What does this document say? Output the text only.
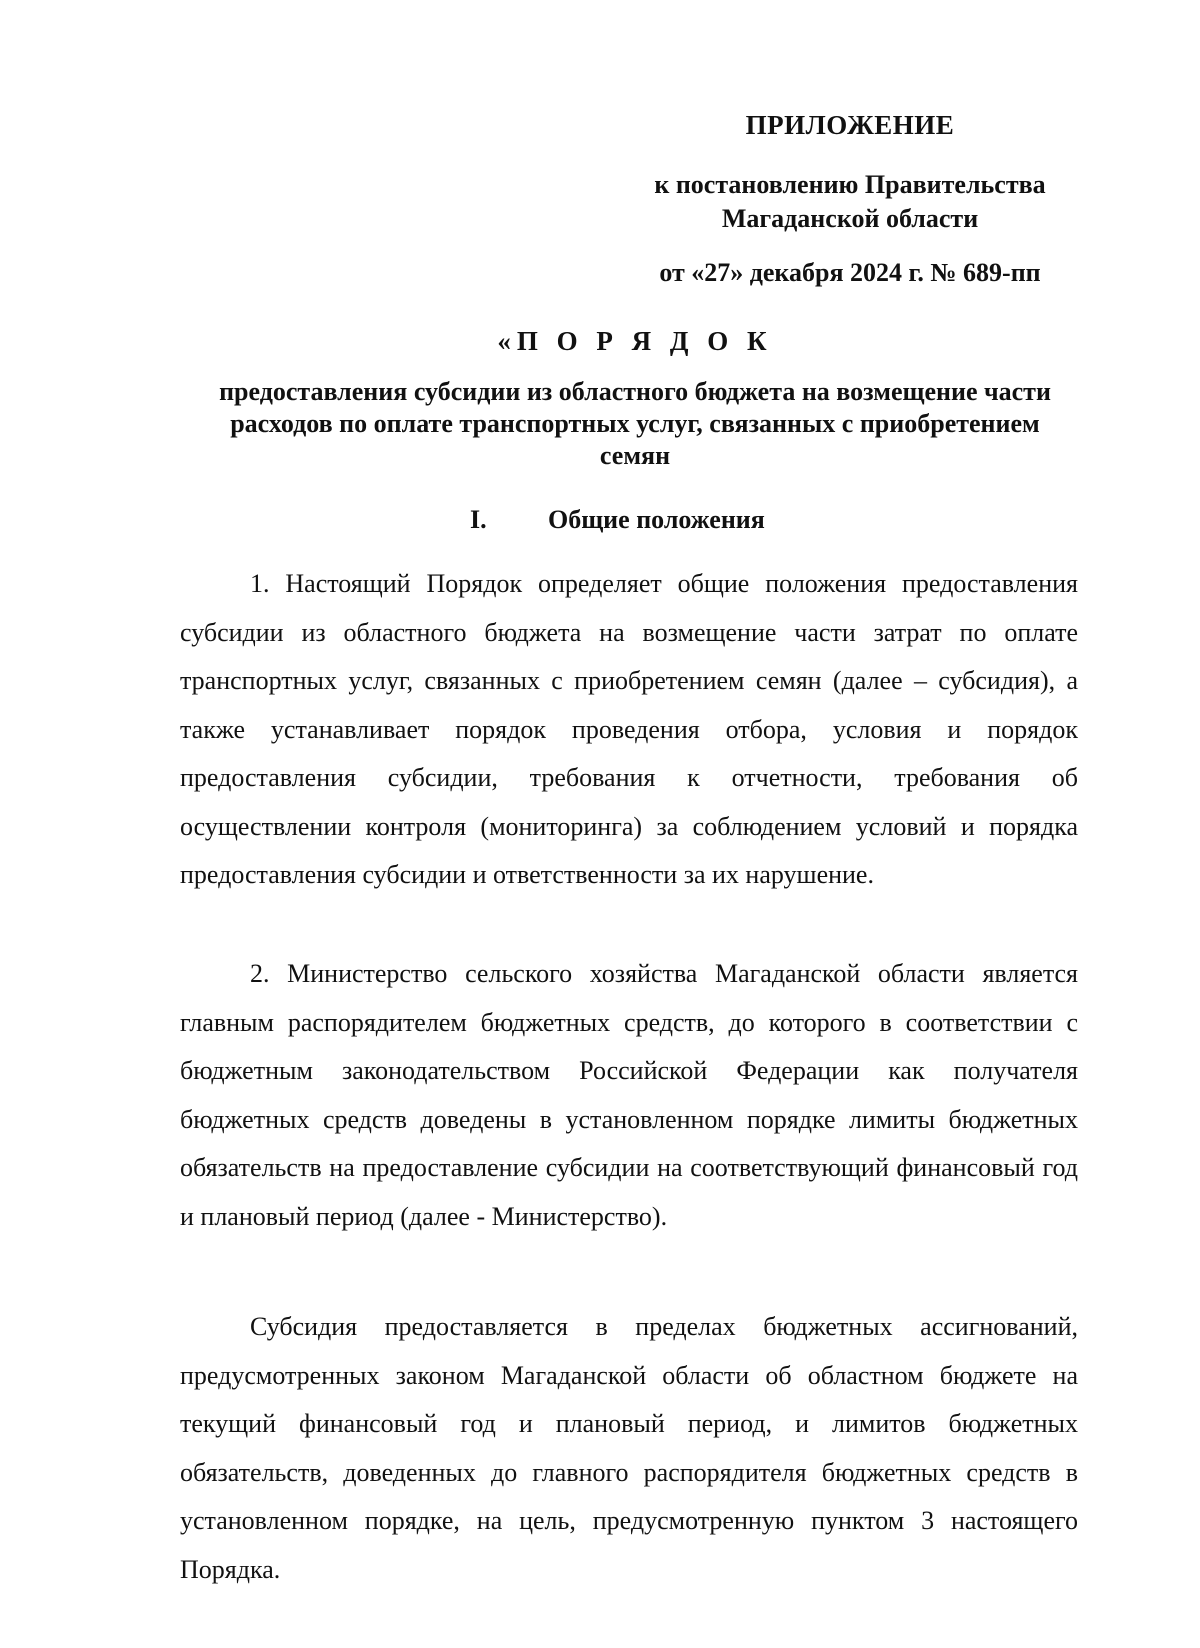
ПРИЛОЖЕНИЕ
к постановлению Правительства
Магаданской области
от «27» декабря 2024 г. № 689-пп
«П О Р Я Д О К
предоставления субсидии из областного бюджета на возмещение части расходов по оплате транспортных услуг, связанных с приобретением семян
I. Общие положения

1. Настоящий Порядок определяет общие положения предоставления субсидии из областного бюджета на возмещение части затрат по оплате транспортных услуг, связанных с приобретением семян (далее – субсидия), а также устанавливает порядок проведения отбора, условия и порядок предоставления субсидии, требования к отчетности, требования об осуществлении контроля (мониторинга) за соблюдением условий и порядка предоставления субсидии и ответственности за их нарушение.

2. Министерство сельского хозяйства Магаданской области является главным распорядителем бюджетных средств, до которого в соответствии с бюджетным законодательством Российской Федерации как получателя бюджетных средств доведены в установленном порядке лимиты бюджетных обязательств на предоставление субсидии на соответствующий финансовый год и плановый период (далее - Министерство).

Субсидия предоставляется в пределах бюджетных ассигнований, предусмотренных законом Магаданской области об областном бюджете на текущий финансовый год и плановый период, и лимитов бюджетных обязательств, доведенных до главного распорядителя бюджетных средств в установленном порядке, на цель, предусмотренную пунктом 3 настоящего Порядка.
